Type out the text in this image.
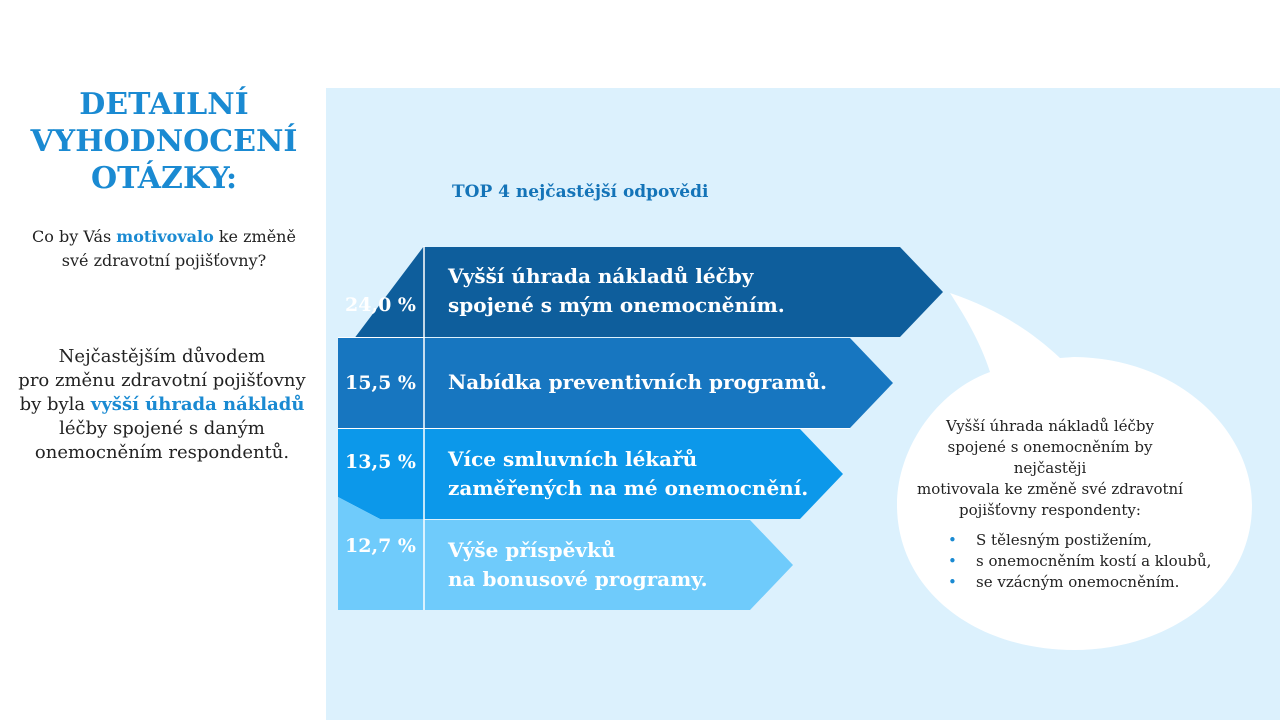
DETAILNÍ
VYHODNOCENÍ
OTÁZKY:
Co by Vás motivovalo ke změně
své zdravotní pojišťovny?
Nejčastějším důvodem
pro změnu zdravotní pojišťovny
by byla vyšší úhrada nákladů
léčby spojené s daným
onemocněním respondentů.
TOP 4 nejčastější odpovědi
24,0 %
15,5 %
13,5 %
12,7 %
Vyšší úhrada nákladů léčby
spojené s mým onemocněním.
Nabídka preventivních programů.
Více smluvních lékařů
zaměřených na mé onemocnění.
Výše příspěvků
na bonusové programy.
Vyšší úhrada nákladů léčby
spojené s onemocněním by nejčastěji
motivovala ke změně své zdravotní
pojišťovny respondenty:
• S tělesným postižením,
• s onemocněním kostí a kloubů,
• se vzácným onemocněním.
